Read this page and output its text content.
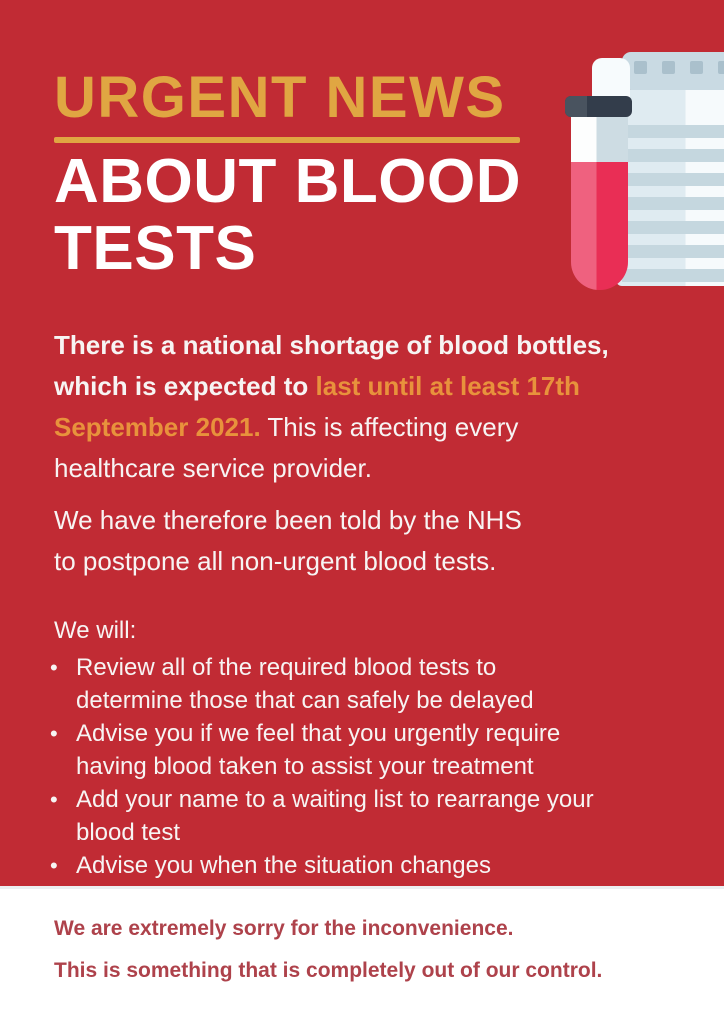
URGENT NEWS
ABOUT BLOOD
TESTS
There is a national shortage of blood bottles,
which is expected to last until at least 17th
September 2021. This is affecting every
healthcare service provider.
We have therefore been told by the NHS
to postpone all non-urgent blood tests.
We will:
• Review all of the required blood tests to
determine those that can safely be delayed
• Advise you if we feel that you urgently require
having blood taken to assist your treatment
• Add your name to a waiting list to rearrange your
blood test
• Advise you when the situation changes

We are extremely sorry for the inconvenience.

This is something that is completely out of our control.
